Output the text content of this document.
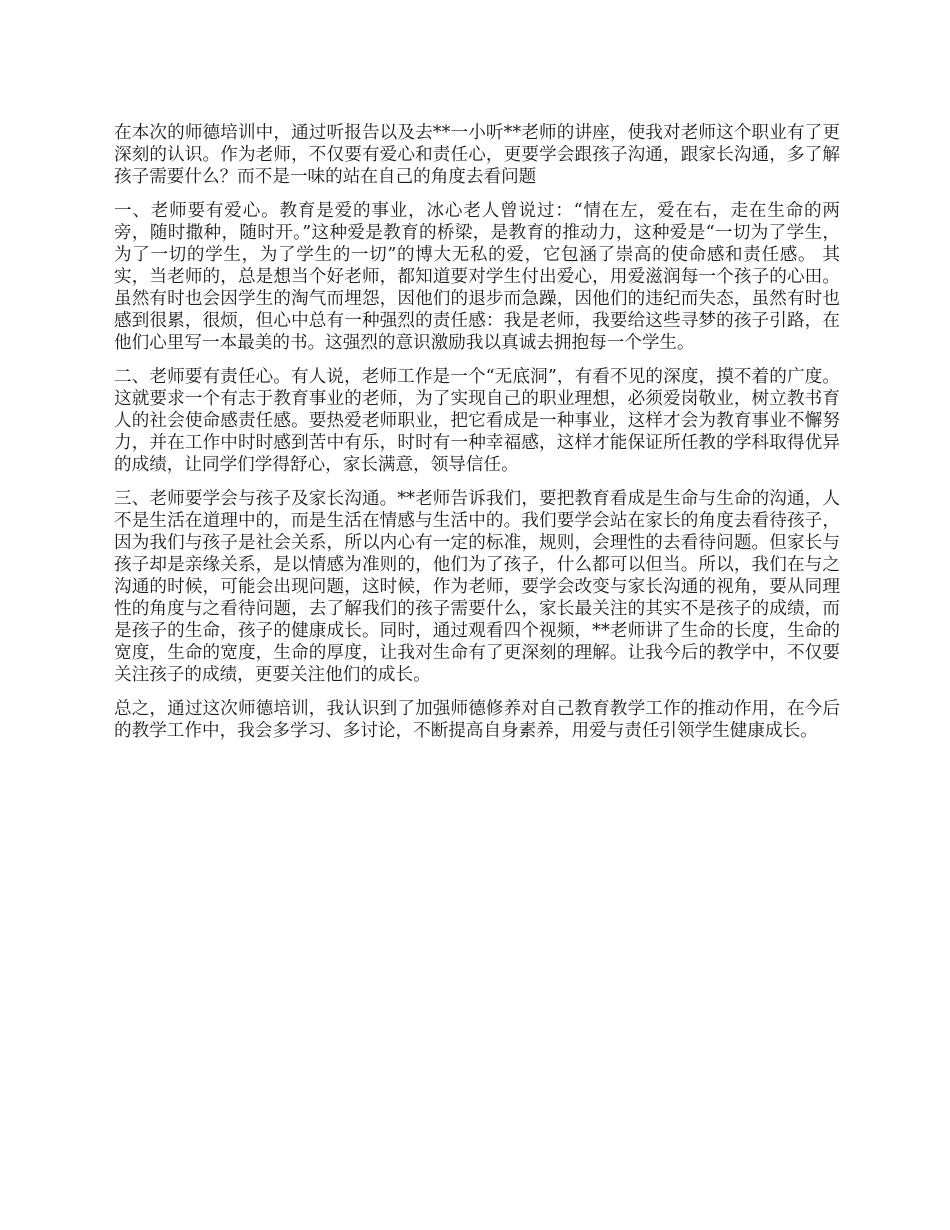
在本次的师德培训中，通过听报告以及去**一小听**老师的讲座，使我对老师这个职业有了更深刻的认识。作为老师，不仅要有爱心和责任心，更要学会跟孩子沟通，跟家长沟通，多了解孩子需要什么？而不是一味的站在自己的角度去看问题

一、老师要有爱心。教育是爱的事业，冰心老人曾说过：“情在左，爱在右，走在生命的两旁，随时撒种，随时开。”这种爱是教育的桥梁，是教育的推动力，这种爱是“一切为了学生，为了一切的学生，为了学生的一切”的博大无私的爱，它包涵了崇高的使命感和责任感。 其实，当老师的，总是想当个好老师，都知道要对学生付出爱心，用爱滋润每一个孩子的心田。虽然有时也会因学生的淘气而埋怨，因他们的退步而急躁，因他们的违纪而失态，虽然有时也感到很累，很烦，但心中总有一种强烈的责任感：我是老师，我要给这些寻梦的孩子引路，在他们心里写一本最美的书。这强烈的意识激励我以真诚去拥抱每一个学生。

二、老师要有责任心。有人说，老师工作是一个“无底洞”，有看不见的深度，摸不着的广度。这就要求一个有志于教育事业的老师，为了实现自己的职业理想，必须爱岗敬业，树立教书育人的社会使命感责任感。要热爱老师职业，把它看成是一种事业，这样才会为教育事业不懈努力，并在工作中时时感到苦中有乐，时时有一种幸福感，这样才能保证所任教的学科取得优异的成绩，让同学们学得舒心，家长满意，领导信任。

三、老师要学会与孩子及家长沟通。**老师告诉我们，要把教育看成是生命与生命的沟通，人不是生活在道理中的，而是生活在情感与生活中的。我们要学会站在家长的角度去看待孩子，因为我们与孩子是社会关系，所以内心有一定的标准，规则，会理性的去看待问题。但家长与孩子却是亲缘关系，是以情感为准则的，他们为了孩子，什么都可以但当。所以，我们在与之沟通的时候，可能会出现问题，这时候，作为老师，要学会改变与家长沟通的视角，要从同理性的角度与之看待问题，去了解我们的孩子需要什么，家长最关注的其实不是孩子的成绩，而是孩子的生命，孩子的健康成长。同时，通过观看四个视频，**老师讲了生命的长度，生命的宽度，生命的宽度，生命的厚度，让我对生命有了更深刻的理解。让我今后的教学中，不仅要关注孩子的成绩，更要关注他们的成长。

总之，通过这次师德培训，我认识到了加强师德修养对自己教育教学工作的推动作用，在今后的教学工作中，我会多学习、多讨论，不断提高自身素养，用爱与责任引领学生健康成长。
